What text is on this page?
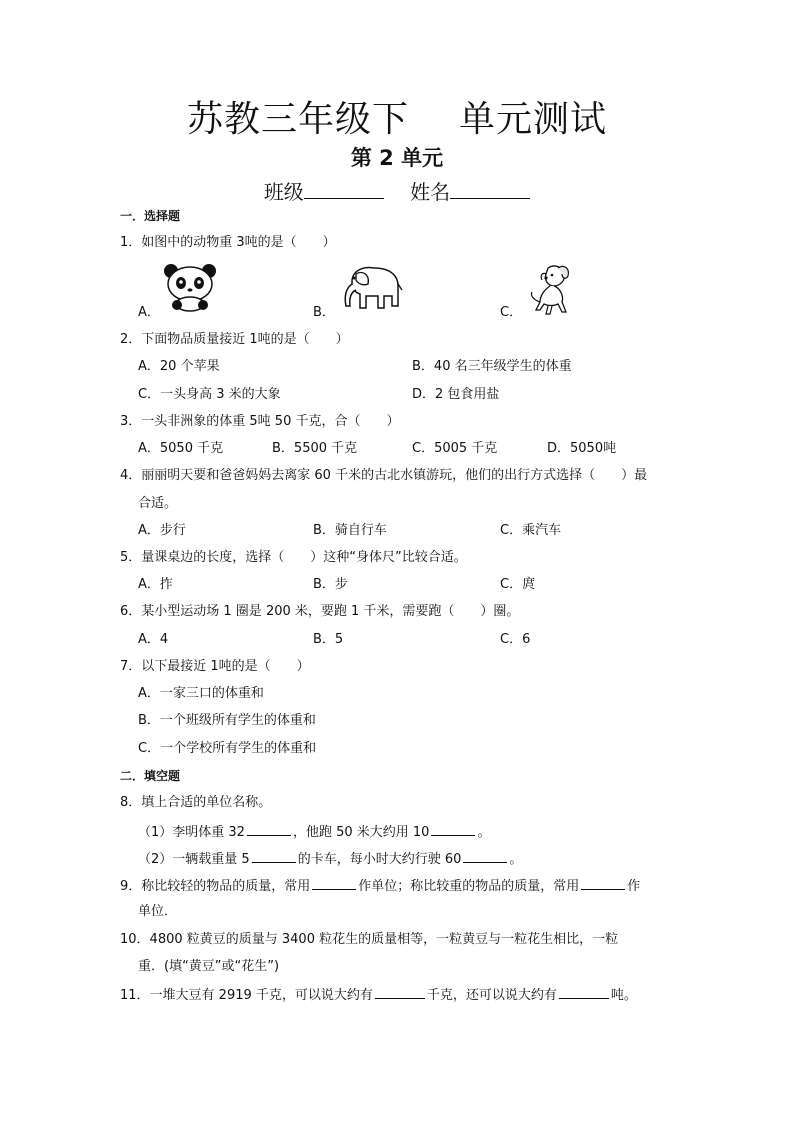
苏教三年级下 单元测试
第 2 单元
班级	姓名
一．选择题
1．如图中的动物重 3吨的是（　　）
A．	B．	C．
2．下面物品质量接近 1吨的是（　　）
A．20 个苹果	B．40 名三年级学生的体重
C．一头身高 3 米的大象	D．2 包食用盐
3．一头非洲象的体重 5吨 50 千克，合（　　）
A．5050 千克	B．5500 千克	C．5005 千克	D．5050吨
4．丽丽明天要和爸爸妈妈去离家 60 千米的古北水镇游玩，他们的出行方式选择（　　）最
合适。
A．步行	B．骑自行车	C．乘汽车
5．量课桌边的长度，选择（　　）这种“身体尺”比较合适。
A．拃	B．步	C．庹
6．某小型运动场 1 圈是 200 米，要跑 1 千米，需要跑（　　）圈。
A．4	B．5	C．6
7．以下最接近 1吨的是（　　）
A．一家三口的体重和
B．一个班级所有学生的体重和
C．一个学校所有学生的体重和
二．填空题
8．填上合适的单位名称。
（1）李明体重 32	，他跑 50 米大约用 10	。
（2）一辆载重量 5	的卡车，每小时大约行驶 60	。
9．称比较轻的物品的质量，常用	作单位；称比较重的物品的质量，常用	作
单位．
10．4800 粒黄豆的质量与 3400 粒花生的质量相等，一粒黄豆与一粒花生相比，一粒
重．(填“黄豆”或“花生”)
11．一堆大豆有 2919 千克，可以说大约有	千克，还可以说大约有	吨。
